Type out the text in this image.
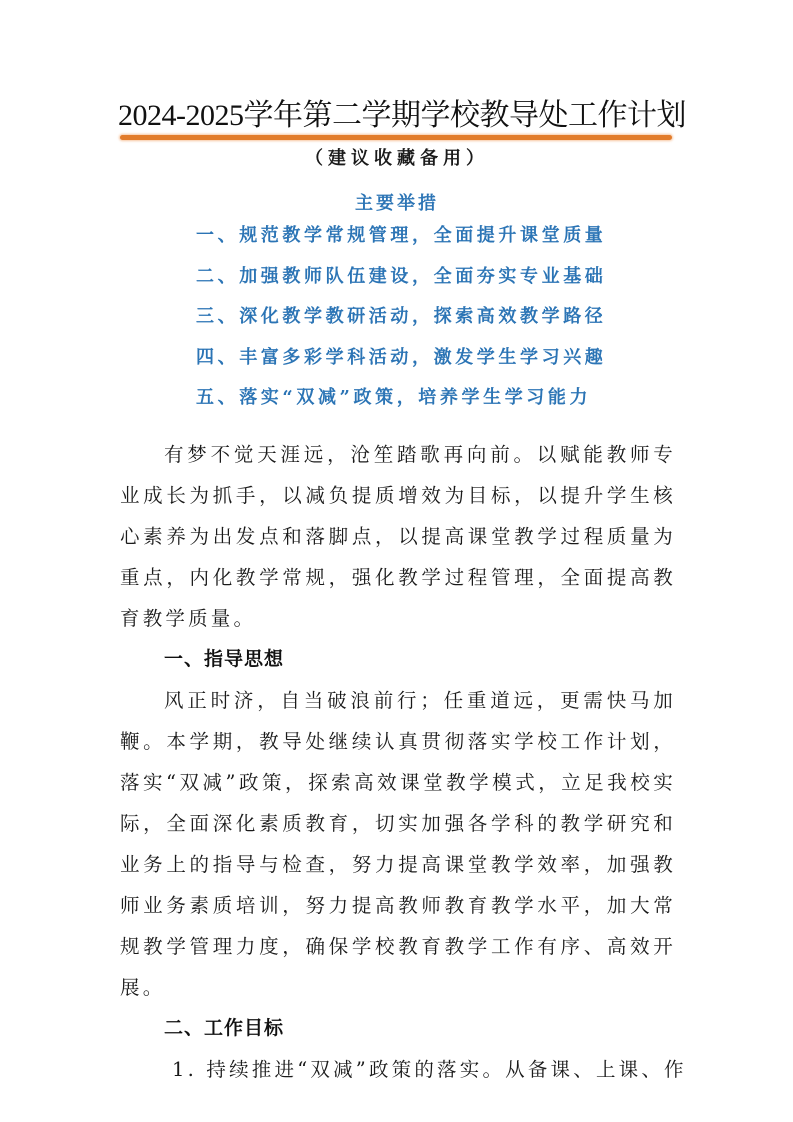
2024-2025学年第二学期学校教导处工作计划
（建议收藏备用）
主要举措
一、规范教学常规管理，全面提升课堂质量
二、加强教师队伍建设，全面夯实专业基础
三、深化教学教研活动，探索高效教学路径
四、丰富多彩学科活动，激发学生学习兴趣
五、落实“双减”政策，培养学生学习能力

有梦不觉天涯远，沧笙踏歌再向前。以赋能教师专业成长为抓手，以减负提质增效为目标，以提升学生核心素养为出发点和落脚点，以提高课堂教学过程质量为重点，内化教学常规，强化教学过程管理，全面提高教育教学质量。

一、指导思想

风正时济，自当破浪前行；任重道远，更需快马加鞭。本学期，教导处继续认真贯彻落实学校工作计划，落实“双减”政策，探索高效课堂教学模式，立足我校实际，全面深化素质教育，切实加强各学科的教学研究和业务上的指导与检查，努力提高课堂教学效率，加强教师业务素质培训，努力提高教师教育教学水平，加大常规教学管理力度，确保学校教育教学工作有序、高效开展。

二、工作目标

1. 持续推进“双减”政策的落实。从备课、上课、作
